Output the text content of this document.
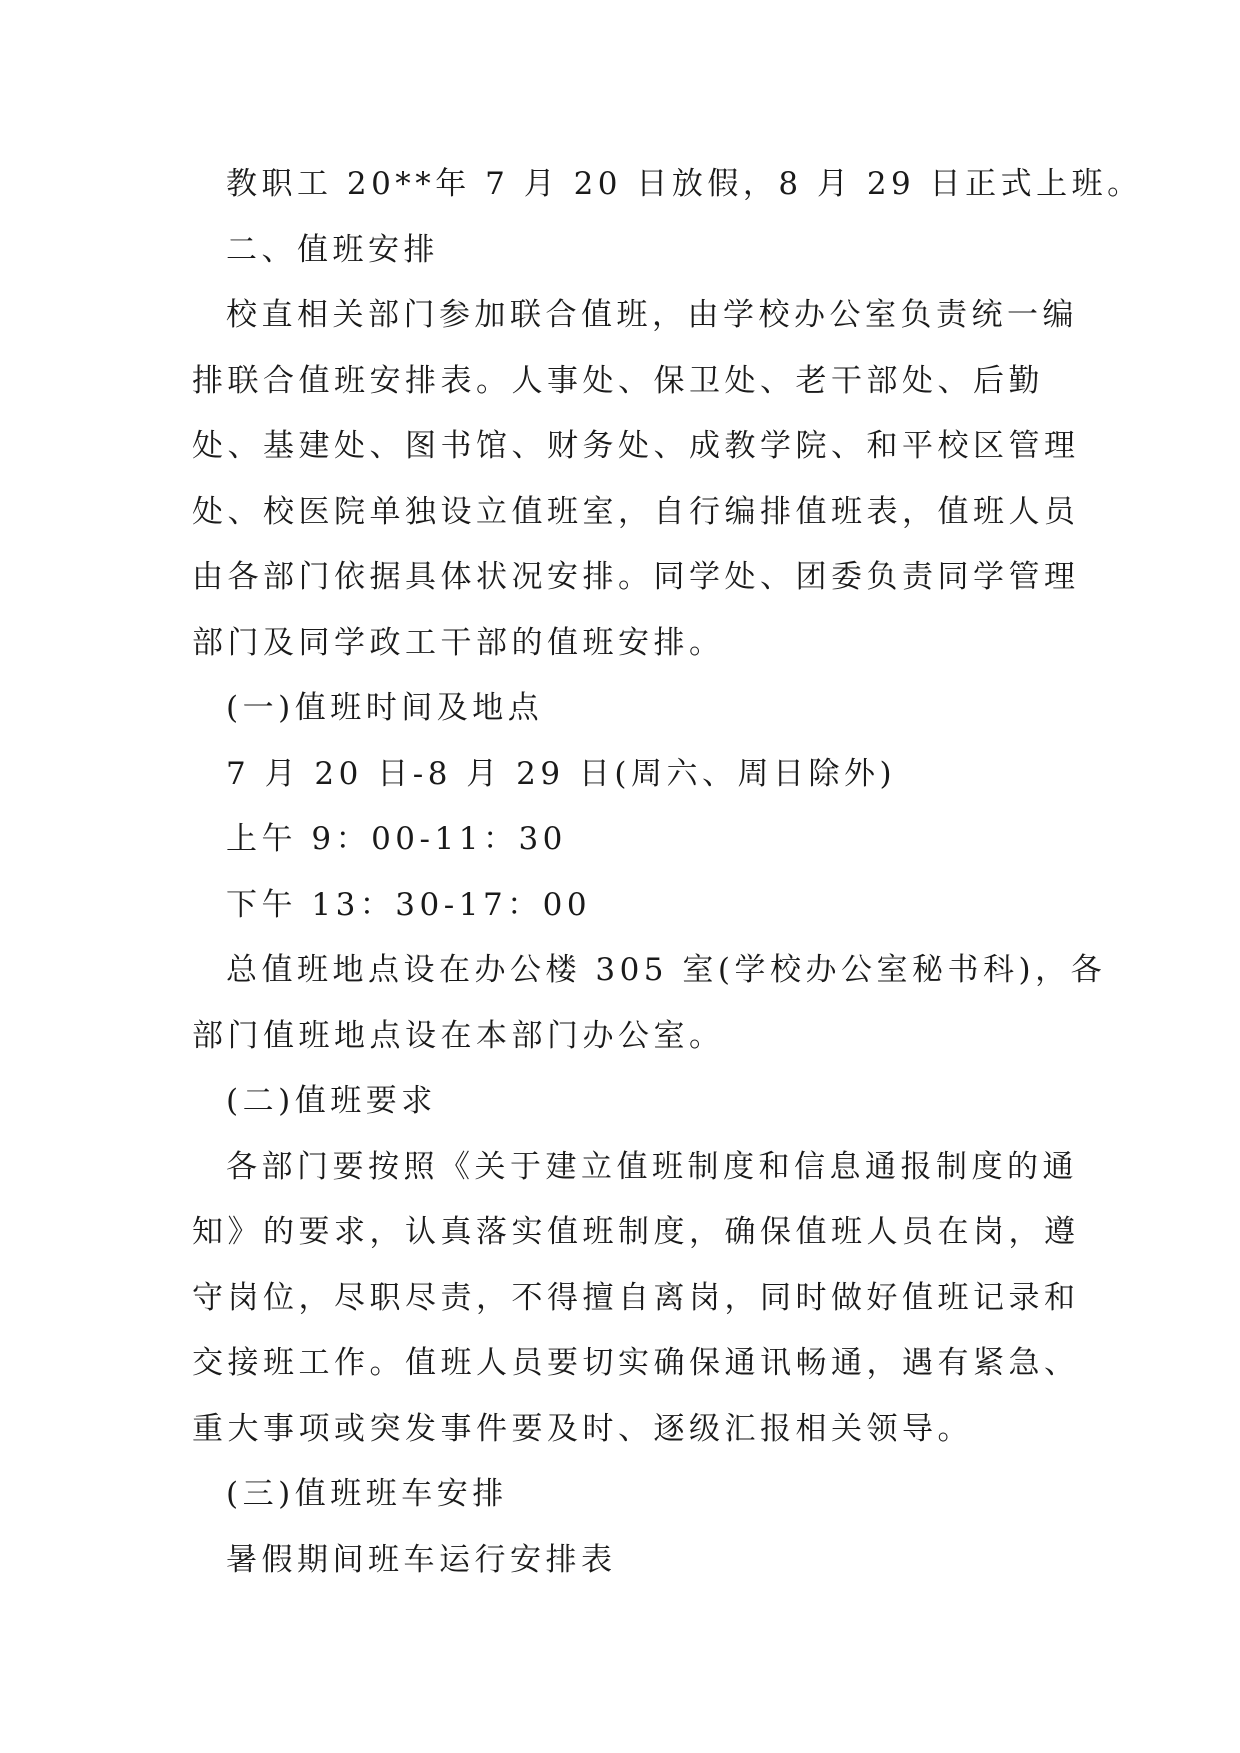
教职工 20**年 7 月 20 日放假，8 月 29 日正式上班。
二、值班安排
校直相关部门参加联合值班，由学校办公室负责统一编
排联合值班安排表。人事处、保卫处、老干部处、后勤
处、基建处、图书馆、财务处、成教学院、和平校区管理
处、校医院单独设立值班室，自行编排值班表，值班人员
由各部门依据具体状况安排。同学处、团委负责同学管理
部门及同学政工干部的值班安排。
(一)值班时间及地点
7 月 20 日-8 月 29 日(周六、周日除外)
上午 9：00-11：30
下午 13：30-17：00
总值班地点设在办公楼 305 室(学校办公室秘书科)，各
部门值班地点设在本部门办公室。
(二)值班要求
各部门要按照《关于建立值班制度和信息通报制度的通
知》的要求，认真落实值班制度，确保值班人员在岗，遵
守岗位，尽职尽责，不得擅自离岗，同时做好值班记录和
交接班工作。值班人员要切实确保通讯畅通，遇有紧急、
重大事项或突发事件要及时、逐级汇报相关领导。
(三)值班班车安排
暑假期间班车运行安排表
